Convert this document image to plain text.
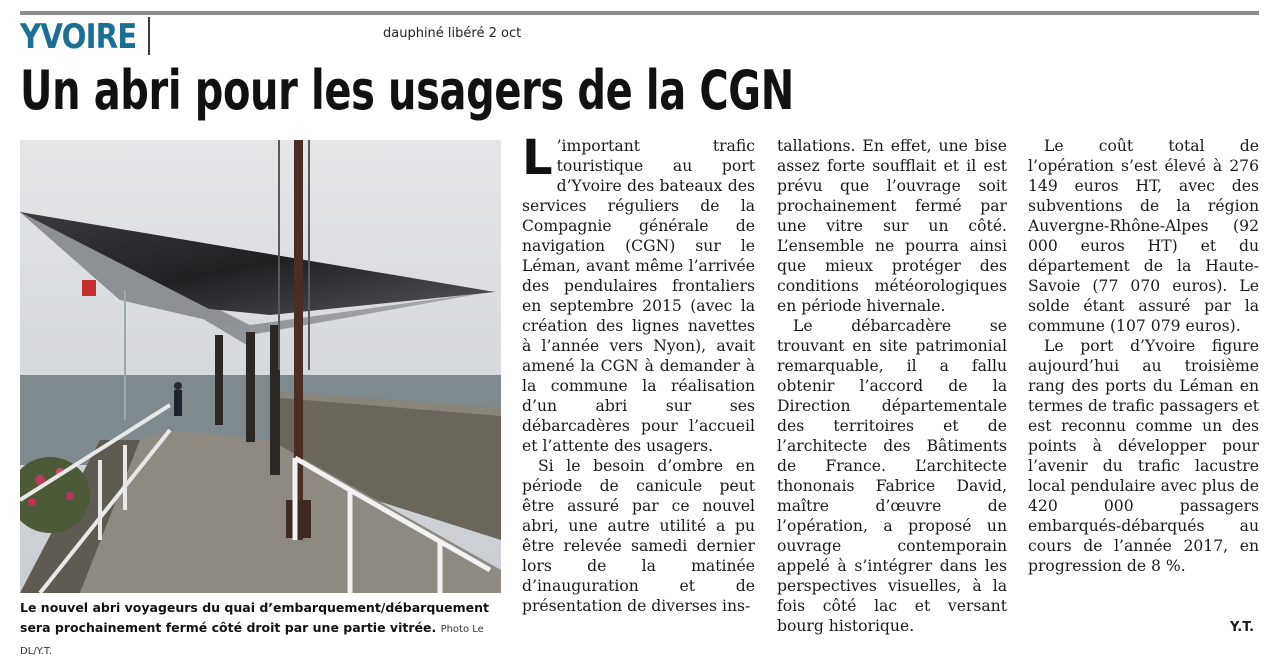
YVOIRE	dauphiné libéré 2 oct
Un abri pour les usagers de la CGN
Le nouvel abri voyageurs du quai d’embarquement/débarquement sera prochainement fermé côté droit par une partie vitrée. Photo Le DL/Y.T.

L ’important trafic touristique au port d’Yvoire des bateaux des services réguliers de la Compagnie générale de navigation (CGN) sur le Léman, avant même l’arrivée des pendulaires frontaliers en septembre 2015 (avec la création des lignes navettes à l’année vers Nyon), avait amené la CGN à demander à la commune la réalisation d’un abri sur ses débarcadères pour l’accueil et l’attente des usagers.

Si le besoin d’ombre en période de canicule peut être assuré par ce nouvel abri, une autre utilité a pu être relevée samedi dernier lors de la matinée d’inauguration et de présentation de diverses ins-

tallations. En effet, une bise assez forte soufflait et il est prévu que l’ouvrage soit prochainement fermé par une vitre sur un côté. L’ensemble ne pourra ainsi que mieux protéger des conditions météorologiques en période hivernale.

Le débarcadère se trouvant en site patrimonial remarquable, il a fallu obtenir l’accord de la Direction départementale des territoires et de l’architecte des Bâtiments de France. L’architecte thononais Fabrice David, maître d’œuvre de l’opération, a proposé un ouvrage contemporain appelé à s’intégrer dans les perspectives visuelles, à la fois côté lac et versant bourg historique.

Le coût total de l’opération s’est élevé à 276 149 euros HT, avec des subventions de la région Auvergne-Rhône-Alpes (92 000 euros HT) et du département de la Haute-Savoie (77 070 euros). Le solde étant assuré par la commune (107 079 euros).

Le port d’Yvoire figure aujourd’hui au troisième rang des ports du Léman en termes de trafic passagers et est reconnu comme un des points à développer pour l’avenir du trafic lacustre local pendulaire avec plus de 420 000 passagers embarqués-débarqués au cours de l’année 2017, en progression de 8 %.

Y.T.
